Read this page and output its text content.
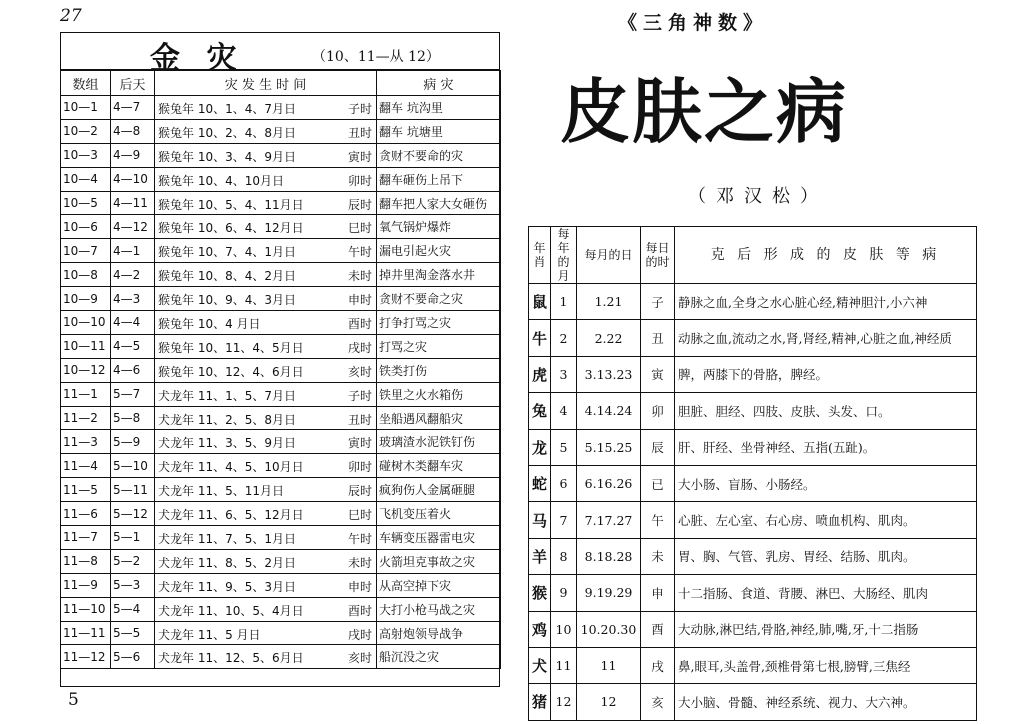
27
金 灾	（10、11—从 12）
数组	后天	灾 发 生 时 间	病 灾
10—1	4—7	猴兔年 10、1、4、7月日 子时	翻车 坑沟里
10—2	4—8	猴兔年 10、2、4、8月日 丑时	翻车 坑塘里
10—3	4—9	猴兔年 10、3、4、9月日 寅时	贪财不要命的灾
10—4	4—10	猴兔年 10、4、10月日 卯时	翻车砸伤上吊下
10—5	4—11	猴兔年 10、5、4、11月日 辰时	翻车把人家大女砸伤
10—6	4—12	猴兔年 10、6、4、12月日 巳时	氧气锅炉爆炸
10—7	4—1	猴兔年 10、7、4、1月日 午时	漏电引起火灾
10—8	4—2	猴兔年 10、8、4、2月日 未时	掉井里淘金落水井
10—9	4—3	猴兔年 10、9、4、3月日 申时	贪财不要命之灾
10—10	4—4	猴兔年 10、4 月日 酉时	打争打骂之灾
10—11	4—5	猴兔年 10、11、4、5月日 戌时	打骂之灾
10—12	4—6	猴兔年 10、12、4、6月日 亥时	铁类打伤
11—1	5—7	犬龙年 11、1、5、7月日 子时	铁里之火水箱伤
11—2	5—8	犬龙年 11、2、5、8月日 丑时	坐船遇风翻船灾
11—3	5—9	犬龙年 11、3、5、9月日 寅时	玻璃渣水泥铁钉伤
11—4	5—10	犬龙年 11、4、5、10月日 卯时	碰树木类翻车灾
11—5	5—11	犬龙年 11、5、11月日 辰时	疯狗伤人金属砸腿
11—6	5—12	犬龙年 11、6、5、12月日 巳时	飞机变压着火
11—7	5—1	犬龙年 11、7、5、1月日 午时	车辆变压器雷电灾
11—8	5—2	犬龙年 11、8、5、2月日 未时	火箭坦克事故之灾
11—9	5—3	犬龙年 11、9、5、3月日 申时	从高空掉下灾
11—10	5—4	犬龙年 11、10、5、4月日 酉时	大打小枪马战之灾
11—11	5—5	犬龙年 11、5 月日 戌时	高射炮领导战争
11—12	5—6	犬龙年 11、12、5、6月日 亥时	船沉没之灾
5
《三角神数》
皮肤之病
（邓汉松）
年肖	每年的月	每月的日	每日的时	克 后 形 成 的 皮 肤 等 病
鼠	1	1.21	子	静脉之血,全身之水心脏心经,精神胆汁,小六神
牛	2	2.22	丑	动脉之血,流动之水,肾,肾经,精神,心脏之血,神经质
虎	3	3.13.23	寅	脾，两膝下的骨胳，脾经。
兔	4	4.14.24	卯	胆脏、胆经、四肢、皮肤、头发、口。
龙	5	5.15.25	辰	肝、肝经、坐骨神经、五指(五趾)。
蛇	6	6.16.26	已	大小肠、盲肠、小肠经。
马	7	7.17.27	午	心脏、左心室、右心房、喷血机构、肌肉。
羊	8	8.18.28	未	胃、胸、气管、乳房、胃经、结肠、肌肉。
猴	9	9.19.29	申	十二指肠、食道、背腰、淋巴、大肠经、肌肉
鸡	10	10.20.30	酉	大动脉,淋巴结,骨胳,神经,肺,嘴,牙,十二指肠
犬	11	11	戌	鼻,眼耳,头盖骨,颈椎骨第七根,膀臂,三焦经
猪	12	12	亥	大小脑、骨髓、神经系统、视力、大六神。
